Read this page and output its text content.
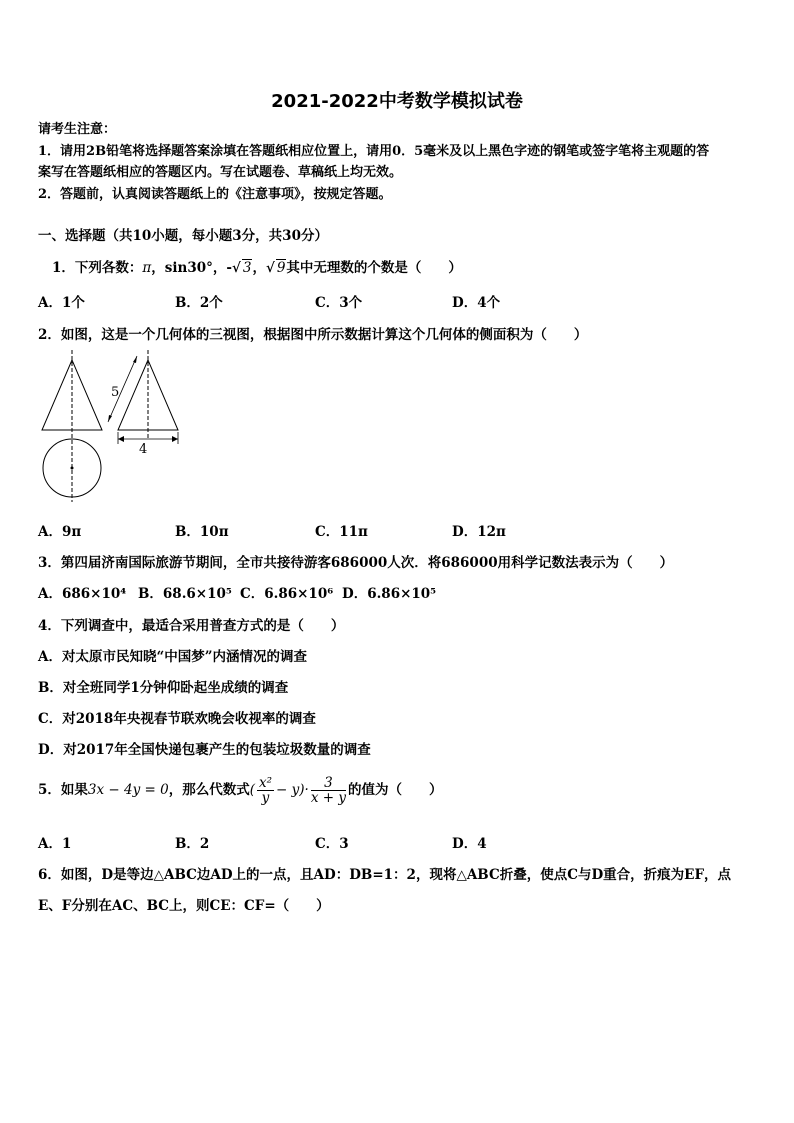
2021-2022中考数学模拟试卷
请考生注意：
1．请用2B铅笔将选择题答案涂填在答题纸相应位置上，请用0．5毫米及以上黑色字迹的钢笔或签字笔将主观题的答
案写在答题纸相应的答题区内。写在试题卷、草稿纸上均无效。
2．答题前，认真阅读答题纸上的《注意事项》，按规定答题。
一、选择题（共10小题，每小题3分，共30分）
1．下列各数：π，sin30°，-√ 3，√ 9其中无理数的个数是（　　）
A．1个	B．2个	C．3个	D．4个
2．如图，这是一个几何体的三视图，根据图中所示数据计算这个几何体的侧面积为（　　）
5
4
A．9π	B．10π	C．11π	D．12π
3．第四届济南国际旅游节期间，全市共接待游客686000人次．将686000用科学记数法表示为（　　）
A．686×10⁴ B．68.6×10⁵ C．6.86×10⁶ D．6.86×10⁵
4．下列调查中，最适合采用普查方式的是（　　）
A．对太原市民知晓“中国梦”内涵情况的调查
B．对全班同学1分钟仰卧起坐成绩的调查
C．对2018年央视春节联欢晚会收视率的调查
D．对2017年全国快递包裹产生的包装垃圾数量的调查
5．如果3x − 4y = 0，那么代数式( $\frac{\text{x²}}{y} - y)\cdot \frac{3}{x + y}$ 的值为（　　）
A．1	B．2	C．3	D．4
6．如图，D是等边△ABC边AD上的一点，且AD：DB=1：2，现将△ABC折叠，使点C与D重合，折痕为EF，点
E、F分别在AC、BC上，则CE：CF=（　　）
